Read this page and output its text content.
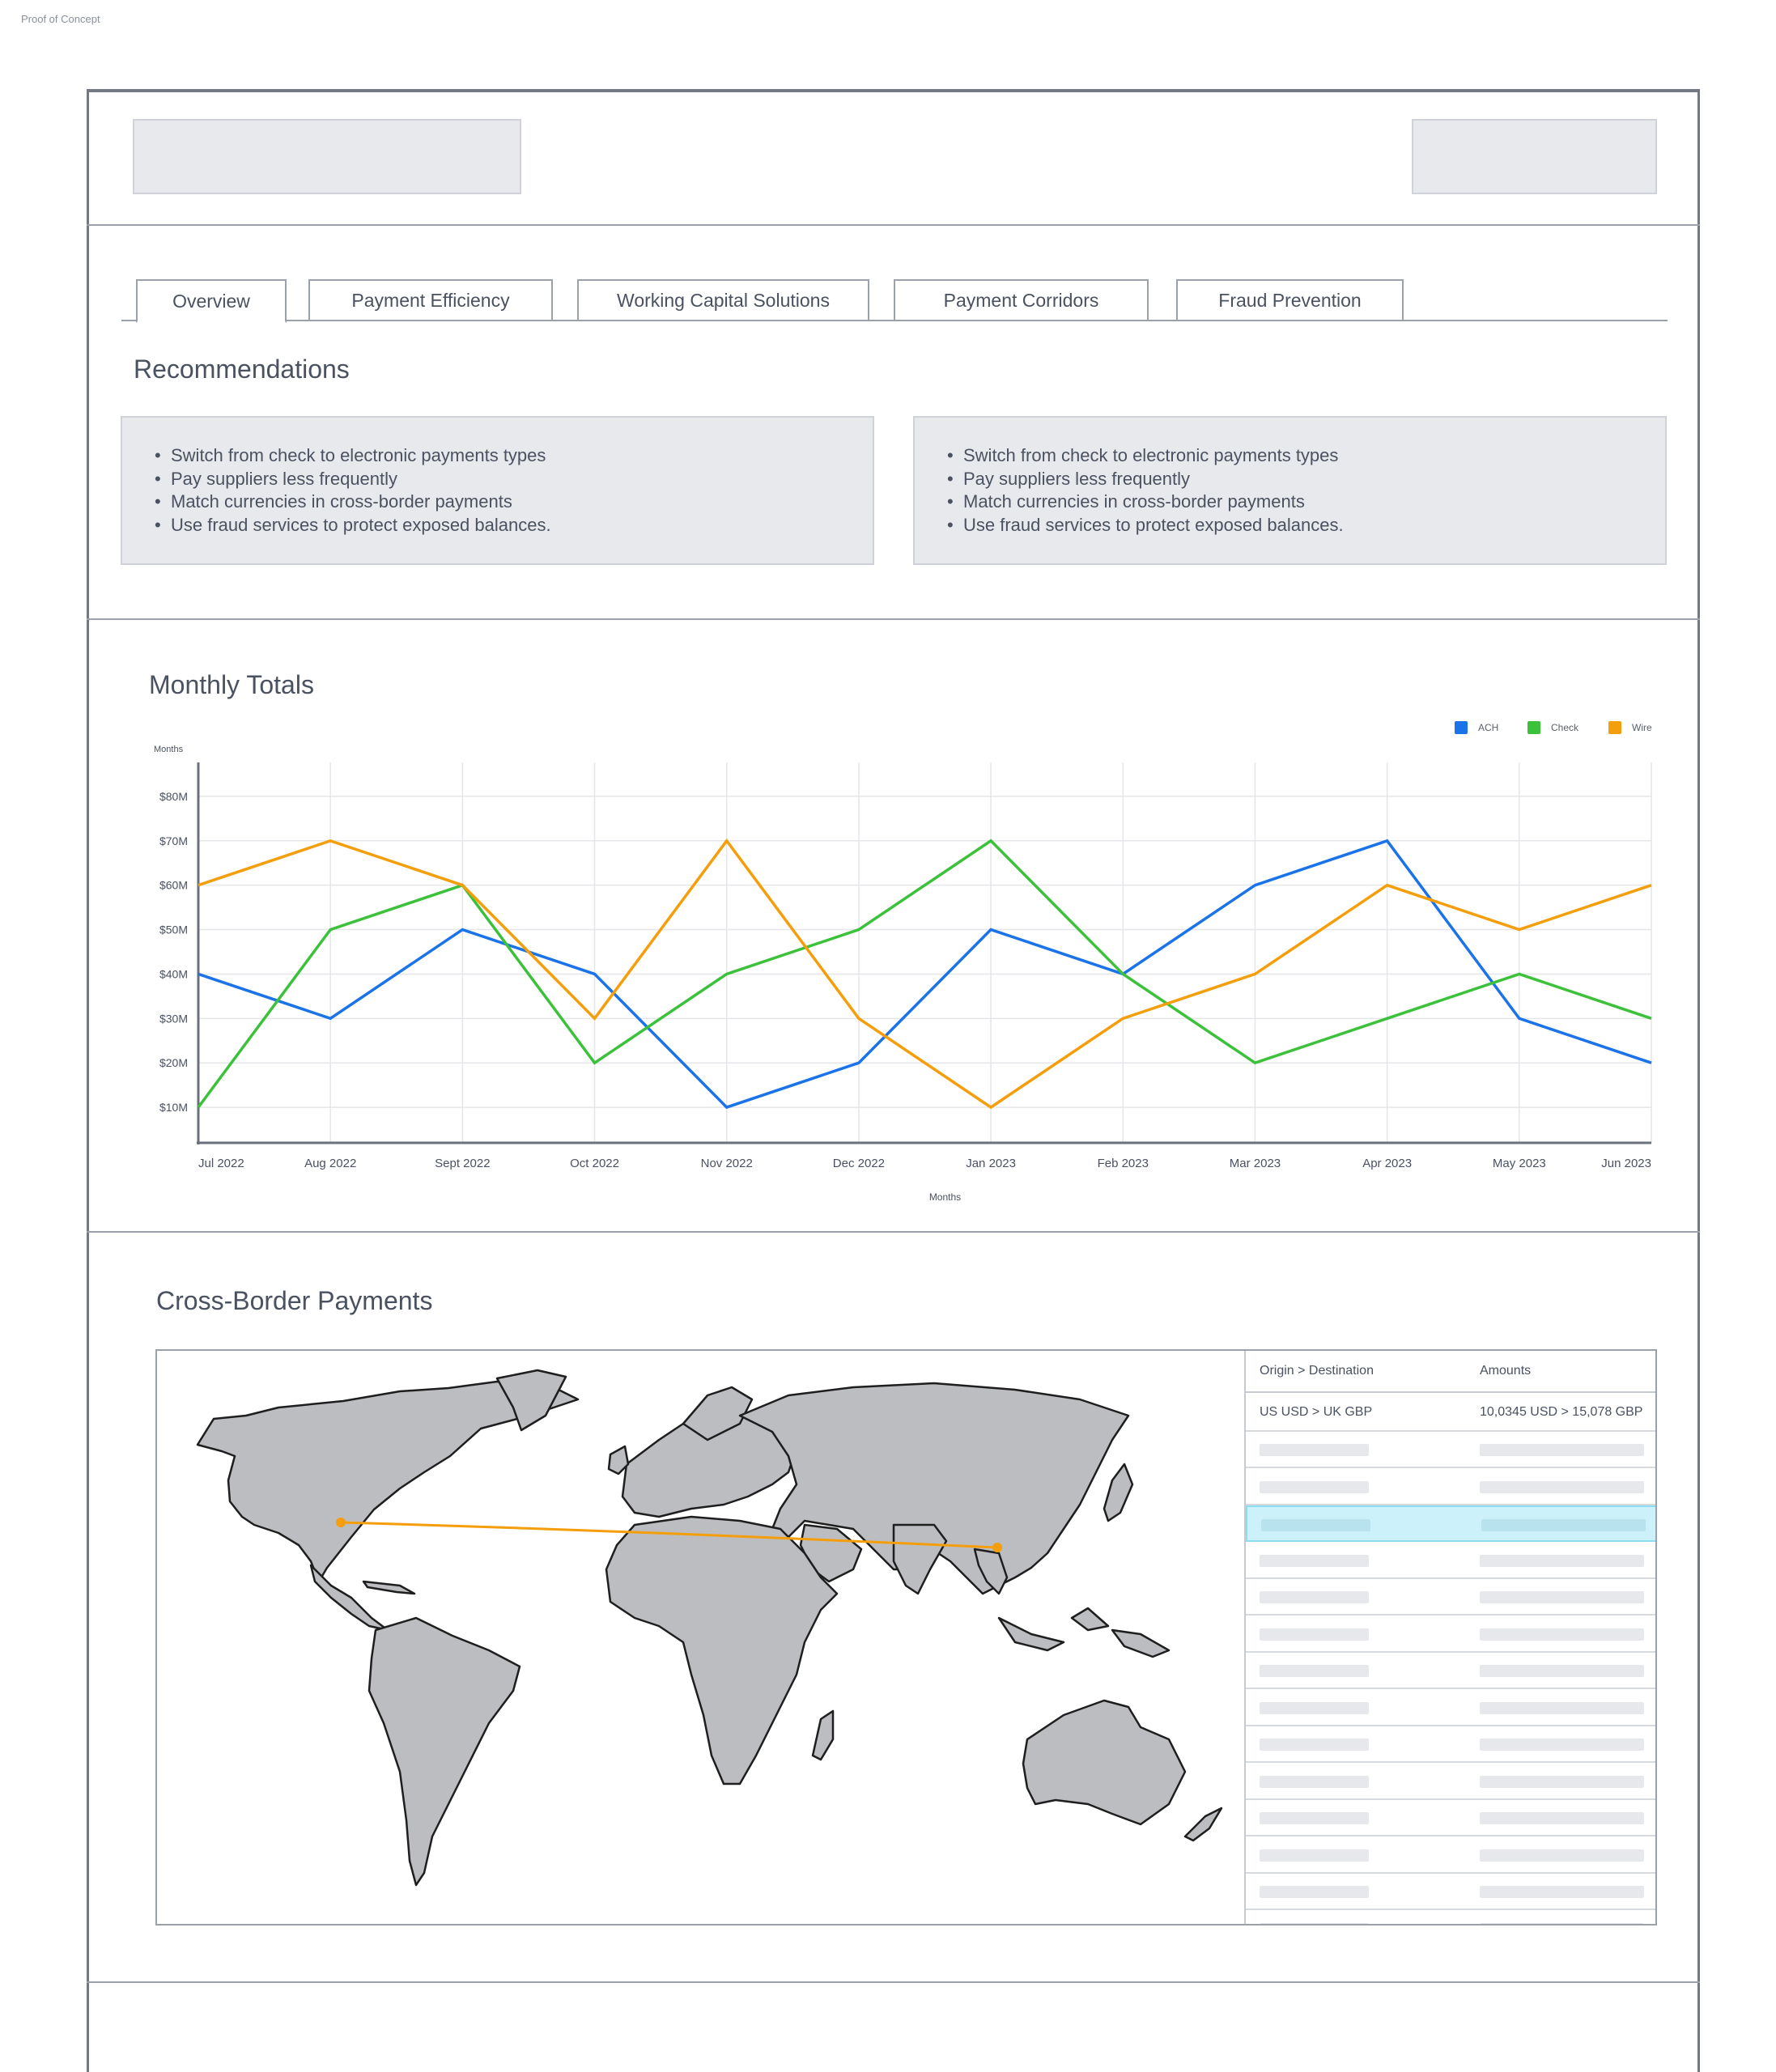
Proof of Concept
Overview	Payment Efficiency	Working Capital Solutions	Payment Corridors	Fraud Prevention
Recommendations
• Switch from check to electronic payments types
• Pay suppliers less frequently
• Match currencies in cross-border payments
• Use fraud services to protect exposed balances.
• Switch from check to electronic payments types
• Pay suppliers less frequently
• Match currencies in cross-border payments
• Use fraud services to protect exposed balances.
Monthly Totals
ACH	Check	Wire
$10M
$20M
$30M
$40M
$50M
$60M
$70M
$80M
Months
Jul 2022	Aug 2022	Sept 2022	Oct 2022	Nov 2022	Dec 2022	Jan 2023	Feb 2023	Mar 2023	Apr 2023	May 2023	Jun 2023
Months
Cross-Border Payments
Origin > Destination	Amounts
US USD > UK GBP	10,0345 USD > 15,078 GBP
